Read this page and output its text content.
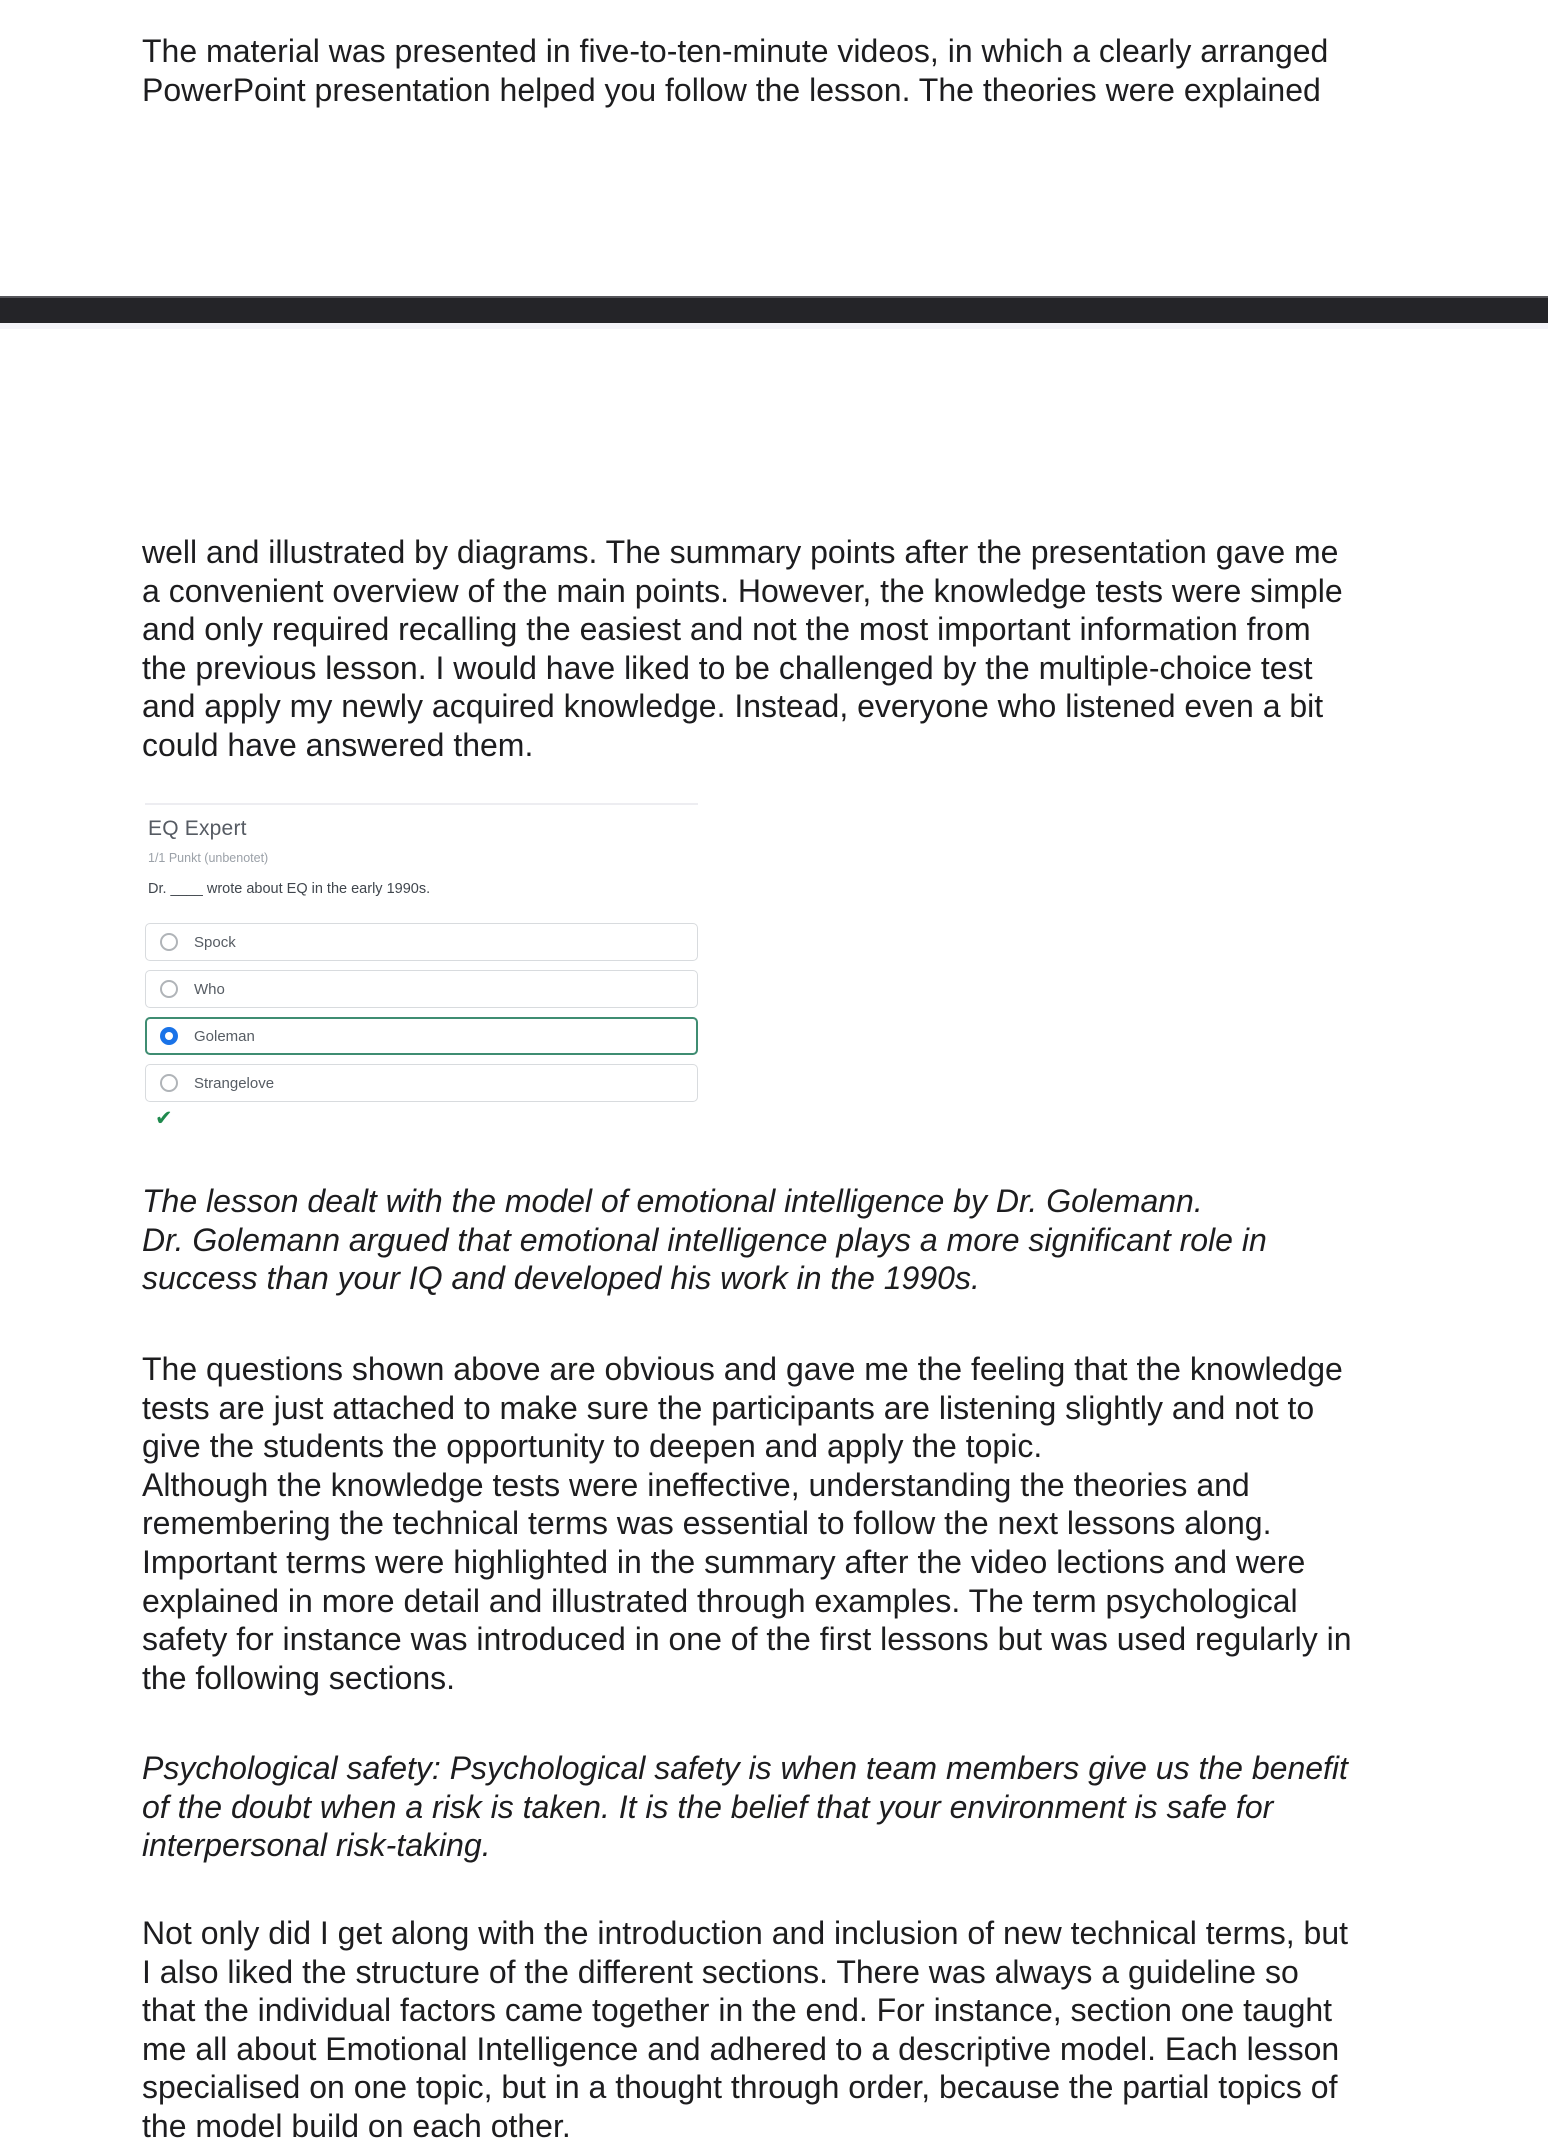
The material was presented in five-to-ten-minute videos, in which a clearly arranged
PowerPoint presentation helped you follow the lesson. The theories were explained
well and illustrated by diagrams. The summary points after the presentation gave me
a convenient overview of the main points. However, the knowledge tests were simple
and only required recalling the easiest and not the most important information from
the previous lesson. I would have liked to be challenged by the multiple-choice test
and apply my newly acquired knowledge. Instead, everyone who listened even a bit
could have answered them.
EQ Expert
1/1 Punkt (unbenotet)
Dr. ____ wrote about EQ in the early 1990s.
Spock
Who
Goleman
Strangelove
✔
The lesson dealt with the model of emotional intelligence by Dr. Golemann.
Dr. Golemann argued that emotional intelligence plays a more significant role in
success than your IQ and developed his work in the 1990s.
The questions shown above are obvious and gave me the feeling that the knowledge
tests are just attached to make sure the participants are listening slightly and not to
give the students the opportunity to deepen and apply the topic.
Although the knowledge tests were ineffective, understanding the theories and
remembering the technical terms was essential to follow the next lessons along.
Important terms were highlighted in the summary after the video lections and were
explained in more detail and illustrated through examples. The term psychological
safety for instance was introduced in one of the first lessons but was used regularly in
the following sections.
Psychological safety: Psychological safety is when team members give us the benefit
of the doubt when a risk is taken. It is the belief that your environment is safe for
interpersonal risk-taking.
Not only did I get along with the introduction and inclusion of new technical terms, but
I also liked the structure of the different sections. There was always a guideline so
that the individual factors came together in the end. For instance, section one taught
me all about Emotional Intelligence and adhered to a descriptive model. Each lesson
specialised on one topic, but in a thought through order, because the partial topics of
the model build on each other.
